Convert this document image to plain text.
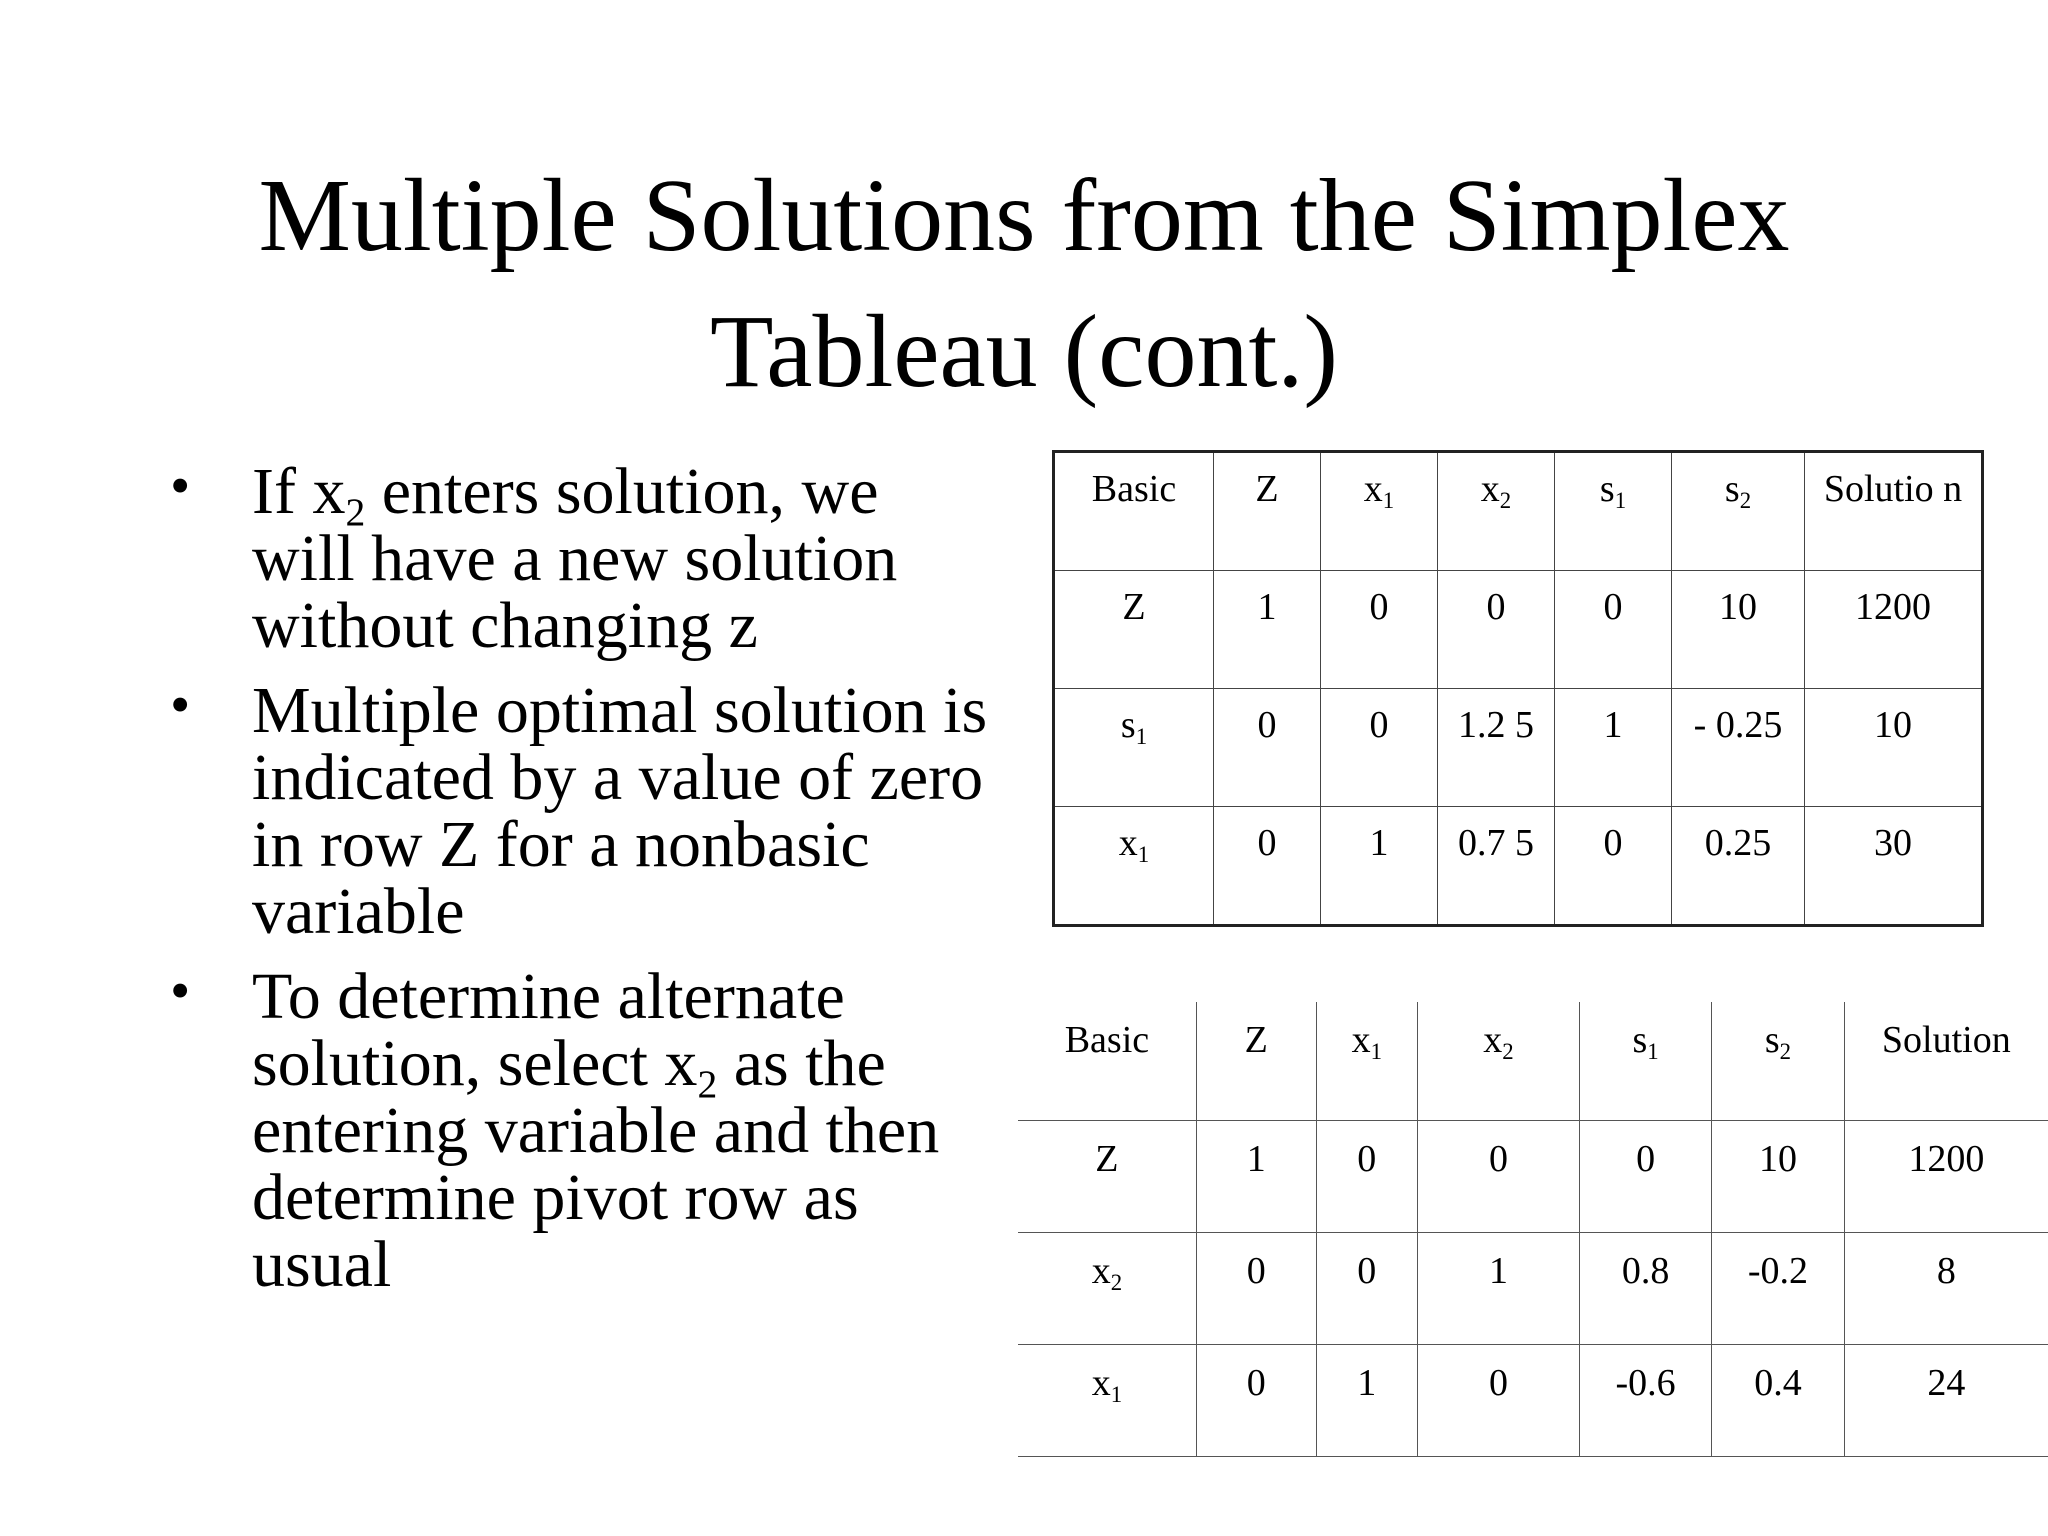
Multiple Solutions from the Simplex
Tableau (cont.)
• If $x_2$ enters solution, we will have a new solution without changing z
• Multiple optimal solution is indicated by a value of zero in row Z for a nonbasic variable
• To determine alternate solution, select $x_2$ as the entering variable and then determine pivot row as usual
Basic	Z	$x_1$	$x_2$	$s_1$	$s_2$	Solutio n
Z	1	0	0	0	10	1200
$s_1$	0	0	1.2 5	1	- 0.25	10
$x_1$	0	1	0.7 5	0	0.25	30
Basic	Z	$x_1$	$x_2$	$s_1$	$s_2$	Solution
Z	1	0	0	0	10	1200
$x_2$	0	0	1	0.8	-0.2	8
$x_1$	0	1	0	-0.6	0.4	24
